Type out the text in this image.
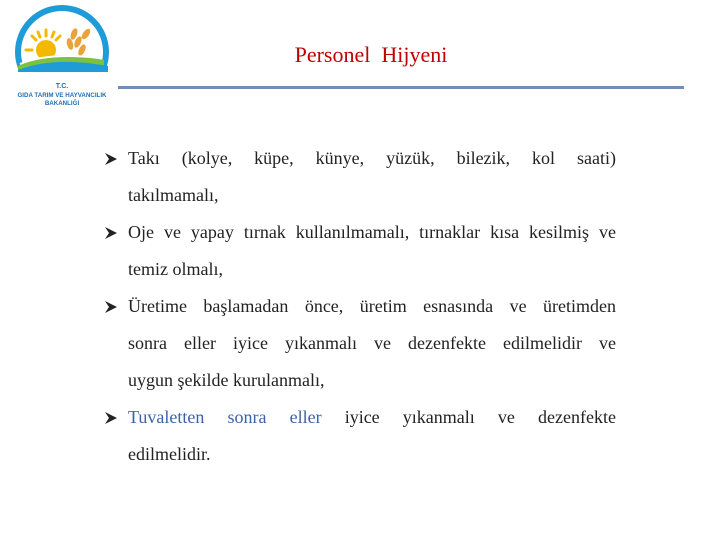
T.C.
GIDA TARIM VE HAYVANCILIK
BAKANLIĞI
Personel  Hijyeni
Takı (kolye, küpe, künye, yüzük, bilezik, kol saati)
takılmamalı,
Oje ve yapay tırnak kullanılmamalı, tırnaklar kısa kesilmiş ve
temiz olmalı,
Üretime başlamadan önce, üretim esnasında ve üretimden
sonra eller iyice yıkanmalı ve dezenfekte edilmelidir ve
uygun şekilde kurulanmalı,
Tuvaletten sonra eller iyice yıkanmalı ve dezenfekte
edilmelidir.
